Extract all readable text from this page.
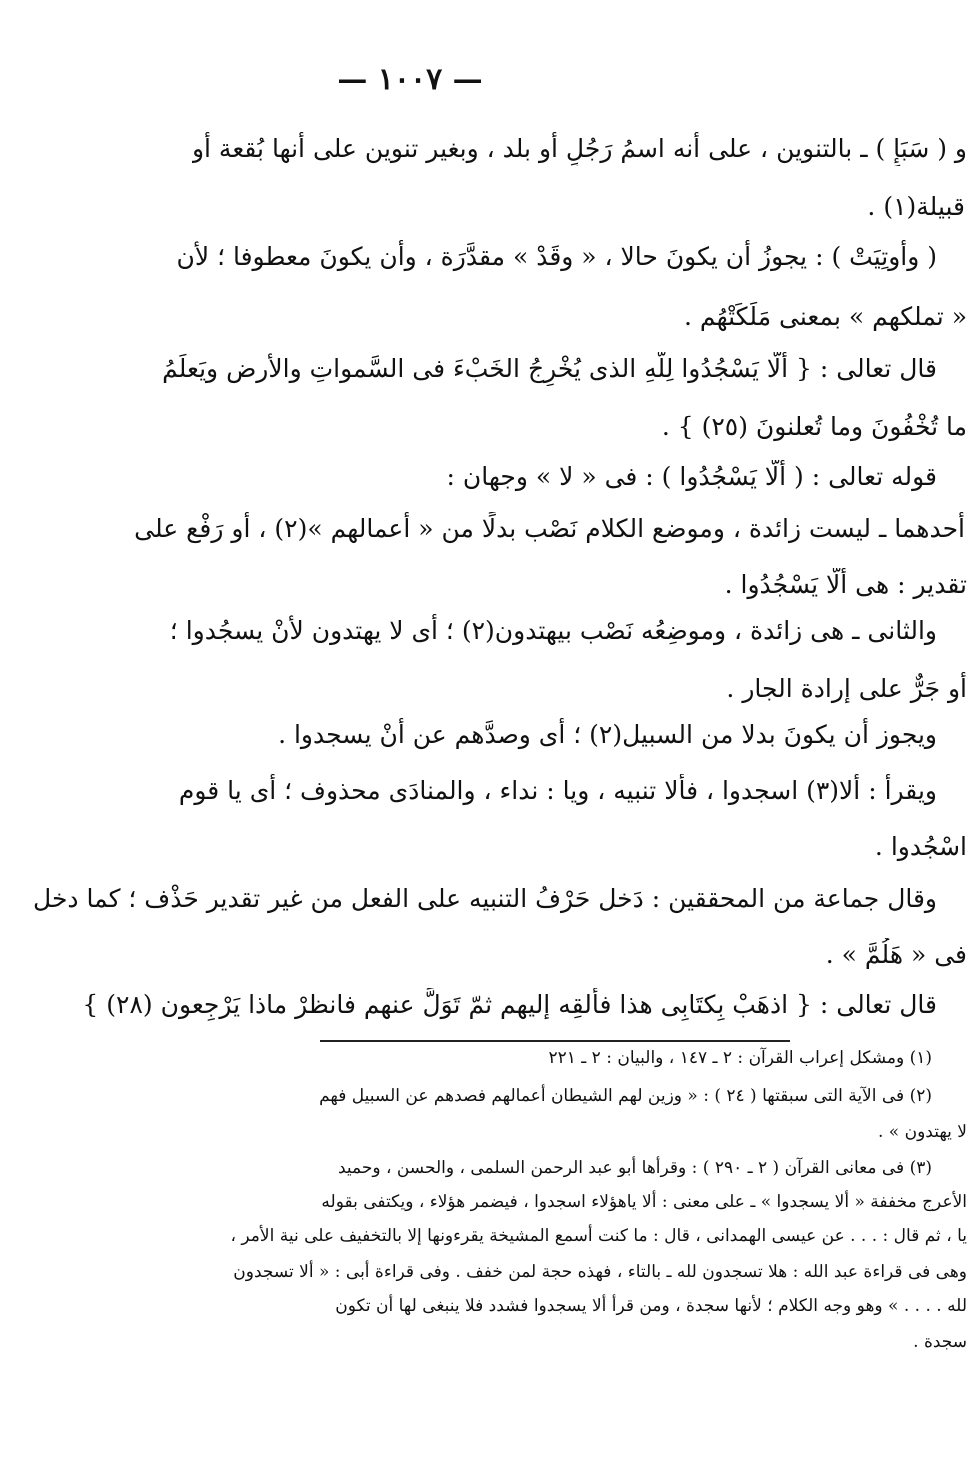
— ١٠٠٧ —
و ( سَبَإٍ ) ـ بالتنوين ، على أنه اسمُ رَجُلٍ أو بلد ، وبغير تنوين على أنها بُقعة أو
قبيلة(١) .
( وأُوتِيَتْ ) : يجوزُ أن يكونَ حالا ، « وقَدْ » مقدَّرَة ، وأن يكونَ معطوفا ؛ لأن
« تملكهم » بمعنى مَلَكَتْهُم .
قال تعالى : { أَلَّا يَسْجُدُوا لِلَّهِ الذى يُخْرِجُ الخَبْءَ فى السَّمواتِ والأرضِ ويَعلَمُ
ما تُخْفُونَ وما تُعلنونَ (٢٥) } .
قوله تعالى : ( أَلَّا يَسْجُدُوا ) : فى « لا » وجهان :
أحدهما ـ ليست زائدة ، وموضع الكلام نَصْب بدلًا من « أعمالهم »(٢) ، أو رَفْع على
تقدير : هى أَلَّا يَسْجُدُوا .
والثانى ـ هى زائدة ، وموضِعُه نَصْب بيهتدون(٢) ؛ أى لا يهتدون لأنْ يسجُدوا ؛
أو جَرٌّ على إرادة الجار .
ويجوز أن يكونَ بدلا من السبيل(٢) ؛ أى وصدَّهم عن أنْ يسجدوا .
ويقرأ : ألا(٣) اسجدوا ، فألا تنبيه ، ويا : نداء ، والمنادَى محذوف ؛ أى يا قوم
اسْجُدوا .
وقال جماعة من المحققين : دَخل حَرْفُ التنبيه على الفعل من غير تقدير حَذْف ؛ كما دخل
فى « هَلُمَّ » .
قال تعالى : { اذهَبْ بِكتَابِى هذا فألقِه إليهم ثمّ تَوَلَّ عنهم فانظرْ ماذا يَرْجِعون (٢٨) }
(١) ومشكل إعراب القرآن : ٢ ـ ١٤٧ ، والبيان : ٢ ـ ٢٢١
(٢) فى الآية التى سبقتها ( ٢٤ ) : « وزين لهم الشيطان أعمالهم فصدهم عن السبيل فهم
لا يهتدون » .
(٣) فى معانى القرآن ( ٢ ـ ٢٩٠ ) : وقرأها أبو عبد الرحمن السلمى ، والحسن ، وحميد
الأعرج مخففة « ألا يسجدوا » ـ على معنى : ألا ياهؤلاء اسجدوا ، فيضمر هؤلاء ، ويكتفى بقوله
يا ، ثم قال : . . . عن عيسى الهمدانى ، قال : ما كنت أسمع المشيخة يقرءونها إلا بالتخفيف على نية الأمر ،
وهى فى قراءة عبد الله : هلا تسجدون لله ـ بالتاء ، فهذه حجة لمن خفف . وفى قراءة أبى : « ألا تسجدون
لله . . . . » وهو وجه الكلام ؛ لأنها سجدة ، ومن قرأ ألا يسجدوا فشدد فلا ينبغى لها أن تكون
سجدة .
